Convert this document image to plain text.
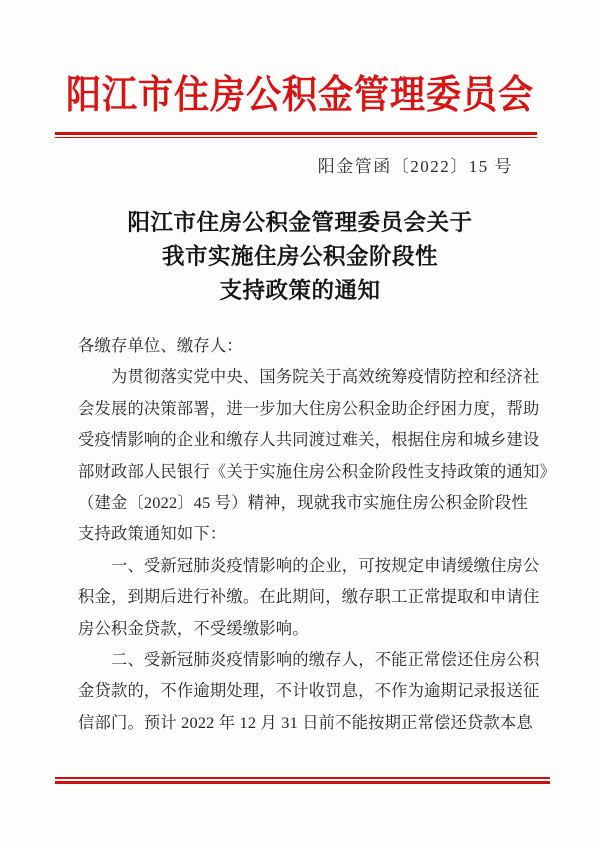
阳江市住房公积金管理委员会
阳金管函〔2022〕15 号
阳江市住房公积金管理委员会关于
我市实施住房公积金阶段性
支持政策的通知
各缴存单位、缴存人：
为贯彻落实党中央、国务院关于高效统筹疫情防控和经济社
会发展的决策部署，进一步加大住房公积金助企纾困力度，帮助
受疫情影响的企业和缴存人共同渡过难关，根据住房和城乡建设
部财政部人民银行《关于实施住房公积金阶段性支持政策的通知》
（建金〔2022〕45 号）精神，现就我市实施住房公积金阶段性
支持政策通知如下：
一、受新冠肺炎疫情影响的企业，可按规定申请缓缴住房公
积金，到期后进行补缴。在此期间，缴存职工正常提取和申请住
房公积金贷款，不受缓缴影响。
二、受新冠肺炎疫情影响的缴存人，不能正常偿还住房公积
金贷款的，不作逾期处理，不计收罚息，不作为逾期记录报送征
信部门。预计 2022 年 12 月 31 日前不能按期正常偿还贷款本息
